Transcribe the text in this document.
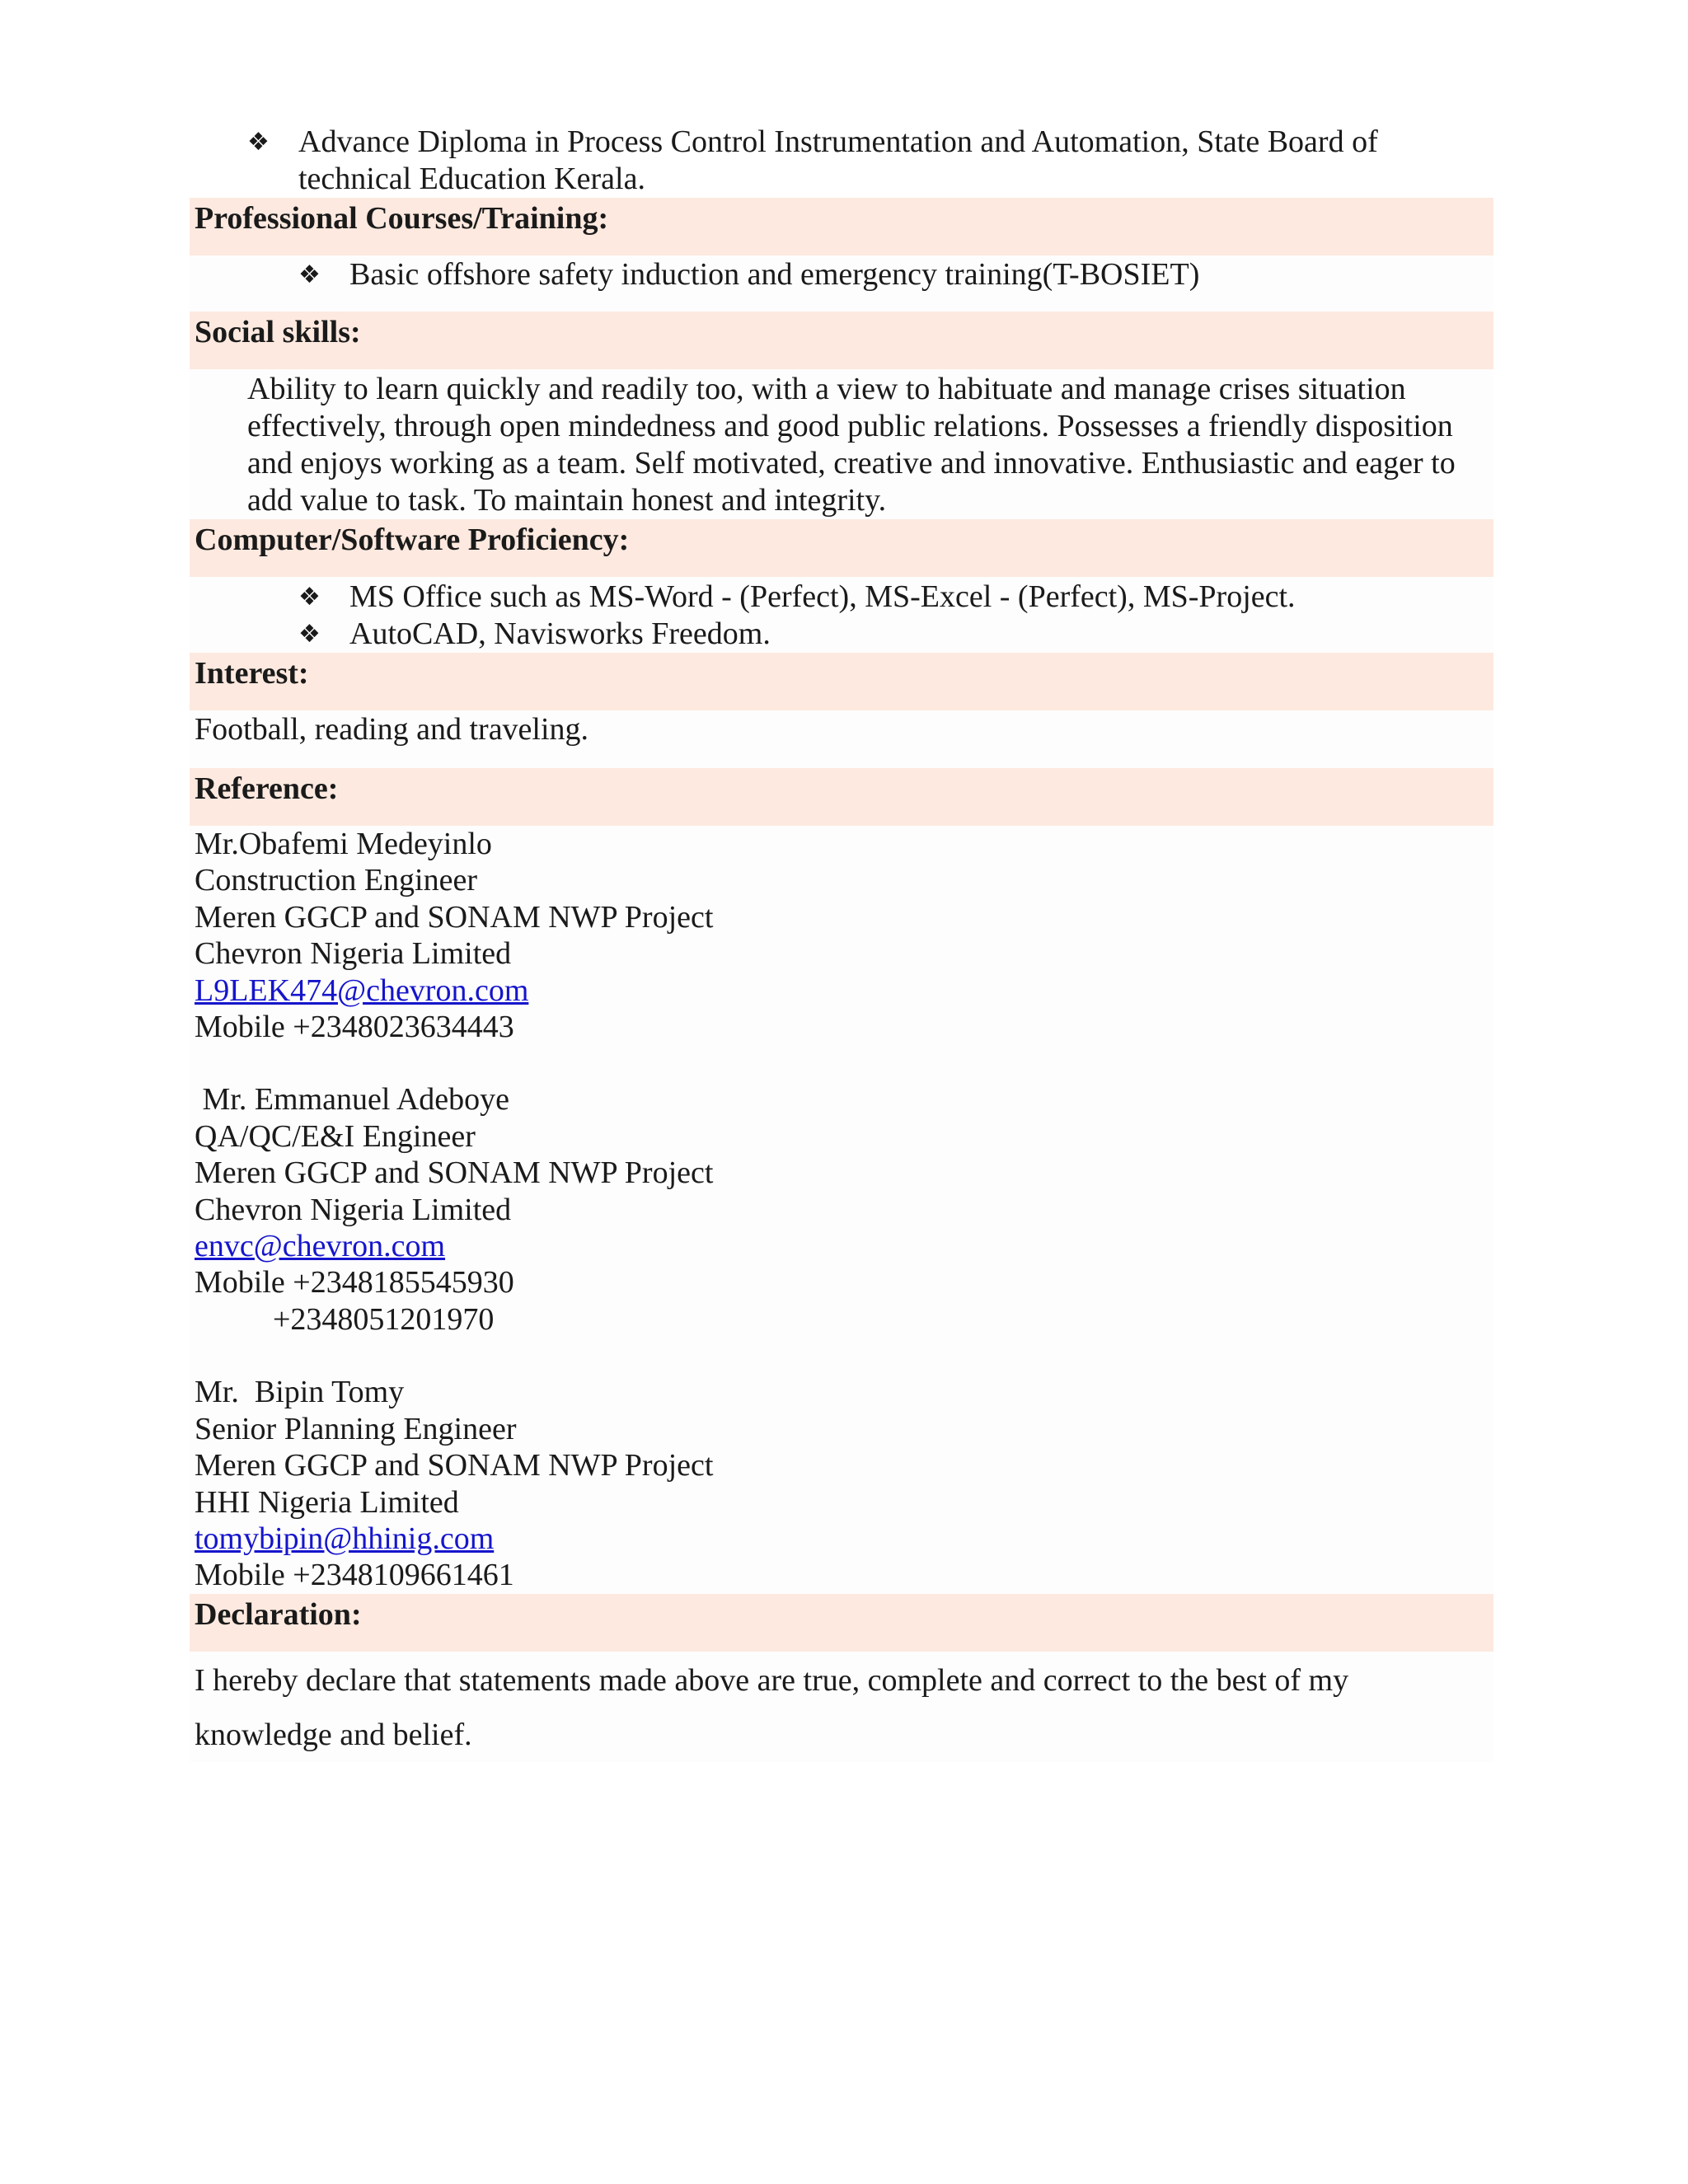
❖ Advance Diploma in Process Control Instrumentation and Automation, State Board of technical Education Kerala.
Professional Courses/Training:
❖ Basic offshore safety induction and emergency training(T-BOSIET)
Social skills:
Ability to learn quickly and readily too, with a view to habituate and manage crises situation effectively, through open mindedness and good public relations. Possesses a friendly disposition and enjoys working as a team. Self motivated, creative and innovative. Enthusiastic and eager to add value to task. To maintain honest and integrity.
Computer/Software Proficiency:
❖ MS Office such as MS-Word - (Perfect), MS-Excel - (Perfect), MS-Project.
❖ AutoCAD, Navisworks Freedom.
Interest:
Football, reading and traveling.
Reference:
Mr.Obafemi Medeyinlo
Construction Engineer
Meren GGCP and SONAM NWP Project
Chevron Nigeria Limited
L9LEK474@chevron.com
Mobile +2348023634443
Mr. Emmanuel Adeboye
QA/QC/E&I Engineer
Meren GGCP and SONAM NWP Project
Chevron Nigeria Limited
envc@chevron.com
Mobile +2348185545930
+2348051201970
Mr.  Bipin Tomy
Senior Planning Engineer
Meren GGCP and SONAM NWP Project
HHI Nigeria Limited
tomybipin@hhinig.com
Mobile +2348109661461
Declaration:
I hereby declare that statements made above are true, complete and correct to the best of my knowledge and belief.
